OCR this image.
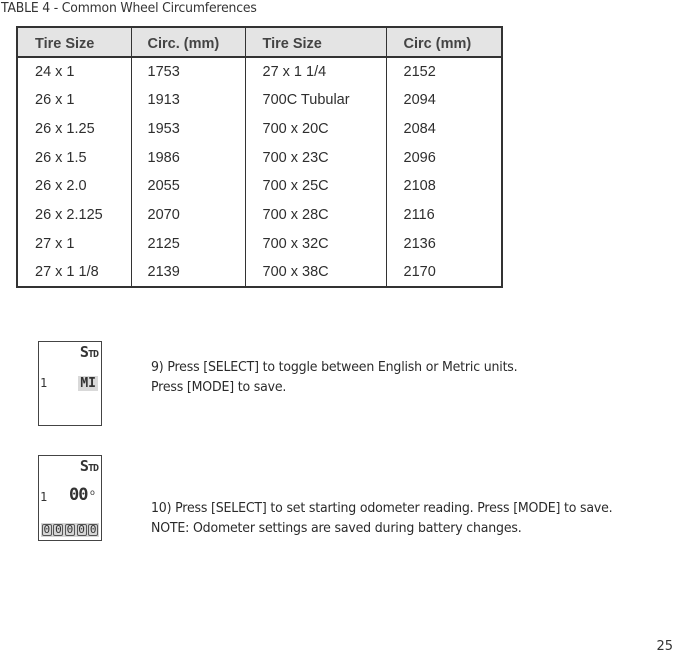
TABLE 4 - Common Wheel Circumferences
Tire Size	Circ. (mm)	Tire Size	Circ (mm)
24 x 1	1753	27 x 1 1/4	2152
26 x 1	1913	700C Tubular	2094
26 x 1.25	1953	700 x 20C	2084
26 x 1.5	1986	700 x 23C	2096
26 x 2.0	2055	700 x 25C	2108
26 x 2.125	2070	700 x 28C	2116
27 x 1	2125	700 x 32C	2136
27 x 1 1/8	2139	700 x 38C	2170
STD
1	MI
9) Press [SELECT] to toggle between English or Metric units.
Press [MODE] to save.
STD
1 00 o
0 0 0 0 0
10) Press [SELECT] to set starting odometer reading. Press [MODE] to save.
NOTE: Odometer settings are saved during battery changes.
25
